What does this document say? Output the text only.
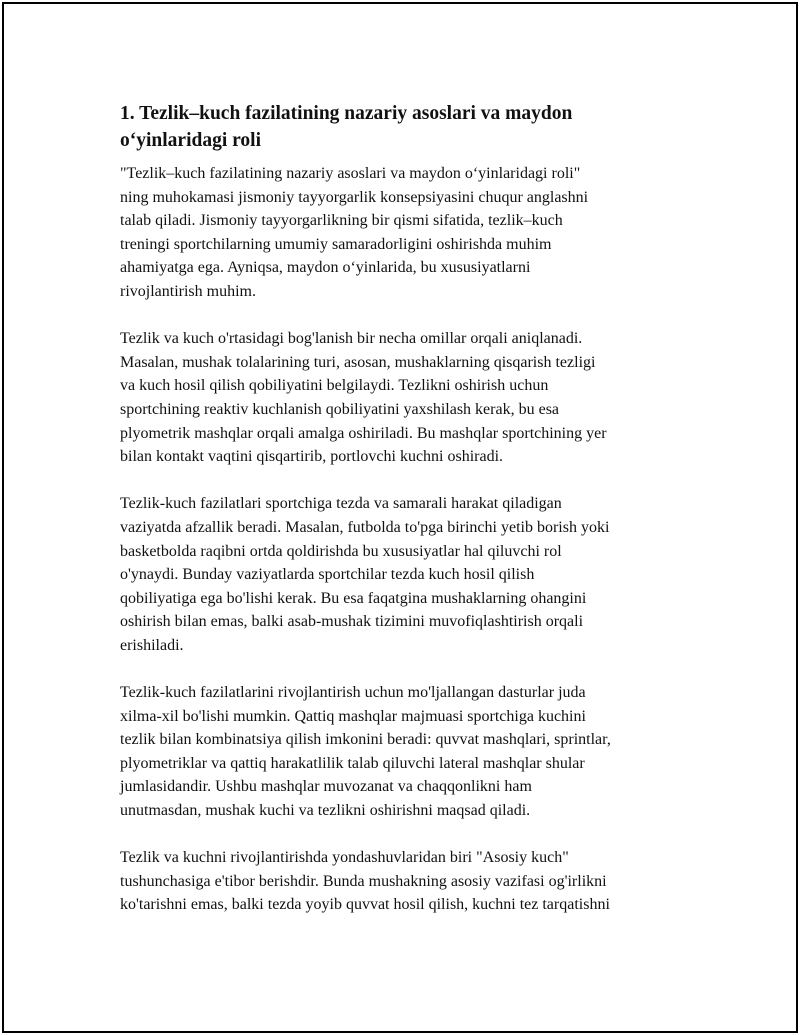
1. Tezlik–kuch fazilatining nazariy asoslari va maydon
o‘yinlaridagi roli
"Tezlik–kuch fazilatining nazariy asoslari va maydon o‘yinlaridagi roli"
ning muhokamasi jismoniy tayyorgarlik konsepsiyasini chuqur anglashni
talab qiladi. Jismoniy tayyorgarlikning bir qismi sifatida, tezlik–kuch
treningi sportchilarning umumiy samaradorligini oshirishda muhim
ahamiyatga ega. Ayniqsa, maydon o‘yinlarida, bu xususiyatlarni
rivojlantirish muhim.
Tezlik va kuch o'rtasidagi bog'lanish bir necha omillar orqali aniqlanadi.
Masalan, mushak tolalarining turi, asosan, mushaklarning qisqarish tezligi
va kuch hosil qilish qobiliyatini belgilaydi. Tezlikni oshirish uchun
sportchining reaktiv kuchlanish qobiliyatini yaxshilash kerak, bu esa
plyometrik mashqlar orqali amalga oshiriladi. Bu mashqlar sportchining yer
bilan kontakt vaqtini qisqartirib, portlovchi kuchni oshiradi.
Tezlik-kuch fazilatlari sportchiga tezda va samarali harakat qiladigan
vaziyatda afzallik beradi. Masalan, futbolda to'pga birinchi yetib borish yoki
basketbolda raqibni ortda qoldirishda bu xususiyatlar hal qiluvchi rol
o'ynaydi. Bunday vaziyatlarda sportchilar tezda kuch hosil qilish
qobiliyatiga ega bo'lishi kerak. Bu esa faqatgina mushaklarning ohangini
oshirish bilan emas, balki asab-mushak tizimini muvofiqlashtirish orqali
erishiladi.
Tezlik-kuch fazilatlarini rivojlantirish uchun mo'ljallangan dasturlar juda
xilma-xil bo'lishi mumkin. Qattiq mashqlar majmuasi sportchiga kuchini
tezlik bilan kombinatsiya qilish imkonini beradi: quvvat mashqlari, sprintlar,
plyometriklar va qattiq harakatlilik talab qiluvchi lateral mashqlar shular
jumlasidandir. Ushbu mashqlar muvozanat va chaqqonlikni ham
unutmasdan, mushak kuchi va tezlikni oshirishni maqsad qiladi.
Tezlik va kuchni rivojlantirishda yondashuvlaridan biri "Asosiy kuch"
tushunchasiga e'tibor berishdir. Bunda mushakning asosiy vazifasi og'irlikni
ko'tarishni emas, balki tezda yoyib quvvat hosil qilish, kuchni tez tarqatishni
